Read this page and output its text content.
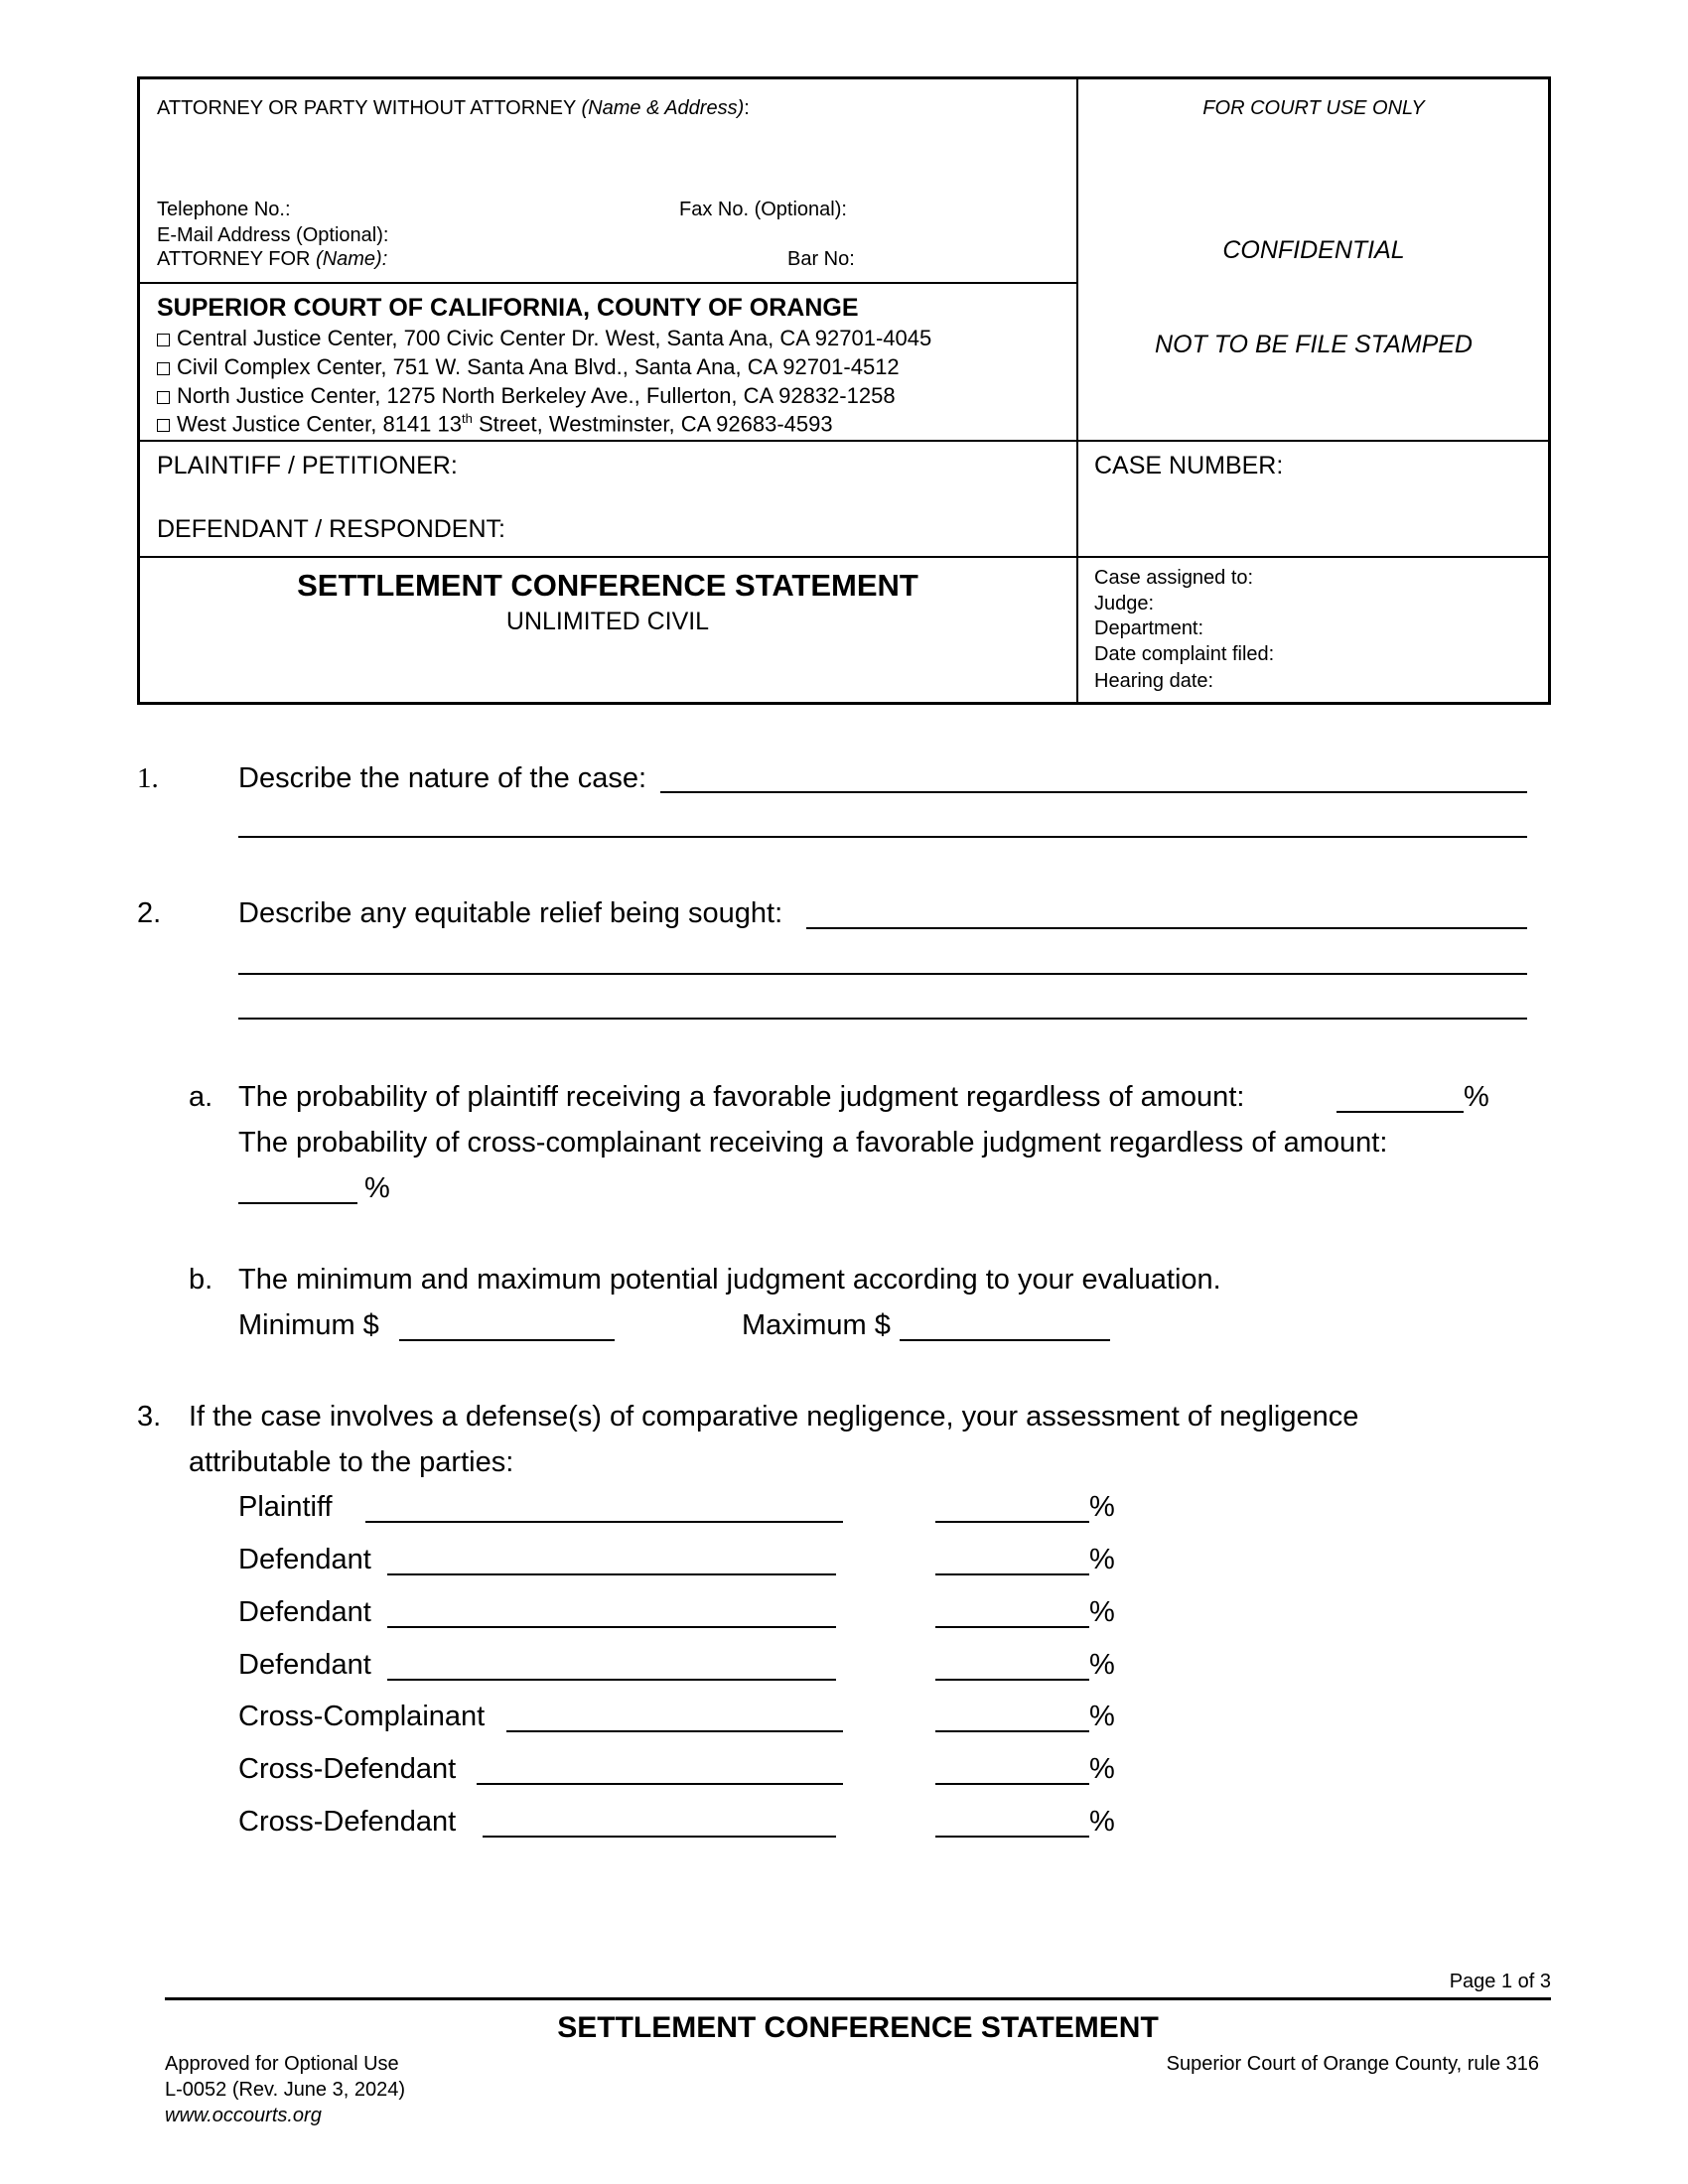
ATTORNEY OR PARTY WITHOUT ATTORNEY (Name & Address):
Telephone No.:	Fax No. (Optional):
E-Mail Address (Optional):
ATTORNEY FOR (Name):	Bar No:
FOR COURT USE ONLY
CONFIDENTIAL
NOT TO BE FILE STAMPED
SUPERIOR COURT OF CALIFORNIA, COUNTY OF ORANGE
Central Justice Center, 700 Civic Center Dr. West, Santa Ana, CA 92701-4045
Civil Complex Center, 751 W. Santa Ana Blvd., Santa Ana, CA 92701-4512
North Justice Center, 1275 North Berkeley Ave., Fullerton, CA 92832-1258
West Justice Center, 8141 13th Street, Westminster, CA 92683-4593
PLAINTIFF / PETITIONER:
DEFENDANT / RESPONDENT:
CASE NUMBER:
SETTLEMENT CONFERENCE STATEMENT
UNLIMITED CIVIL
Case assigned to:
Judge:
Department:
Date complaint filed:
Hearing date:
1.	Describe the nature of the case:
2.	Describe any equitable relief being sought:
a. The probability of plaintiff receiving a favorable judgment regardless of amount:	%
The probability of cross-complainant receiving a favorable judgment regardless of amount:
%
b. The minimum and maximum potential judgment according to your evaluation.
Minimum $	Maximum $
3. If the case involves a defense(s) of comparative negligence, your assessment of negligence
attributable to the parties:
Plaintiff	%
Defendant	%
Defendant	%
Defendant	%
Cross-Complainant	%
Cross-Defendant	%
Cross-Defendant	%
Page 1 of 3
SETTLEMENT CONFERENCE STATEMENT
Approved for Optional Use
L-0052 (Rev. June 3, 2024)
www.occourts.org
Superior Court of Orange County, rule 316
